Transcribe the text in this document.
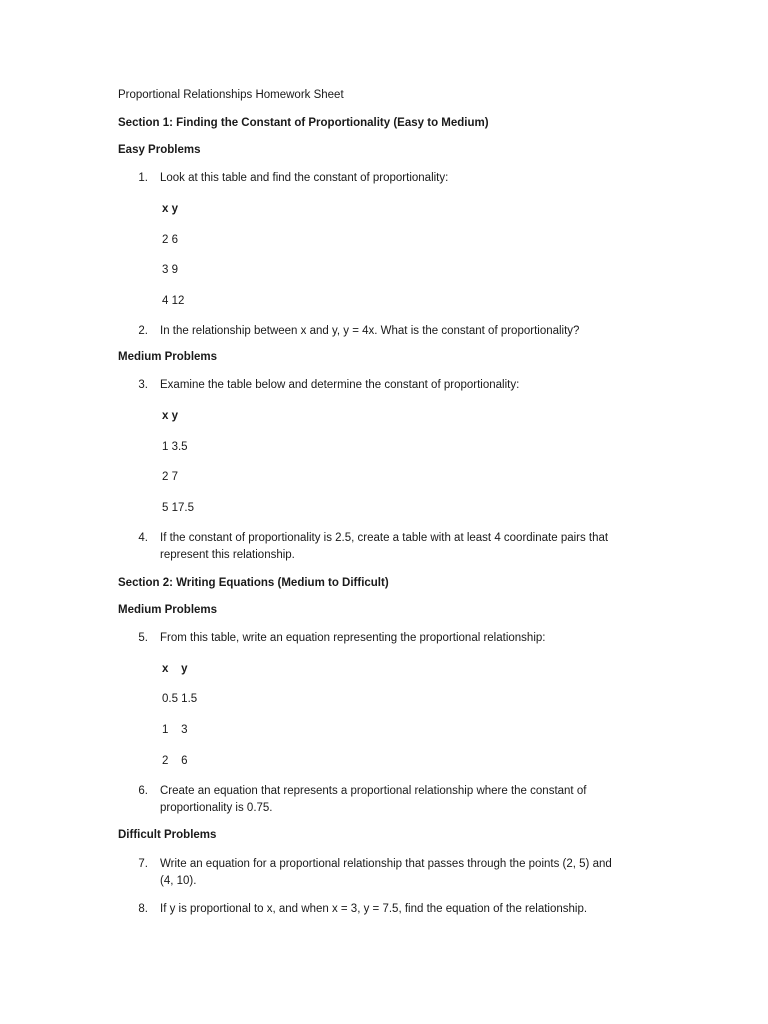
Proportional Relationships Homework Sheet
Section 1: Finding the Constant of Proportionality (Easy to Medium)
Easy Problems
1. Look at this table and find the constant of proportionality:
x y
2 6
3 9
4 12
2. In the relationship between x and y, y = 4x. What is the constant of proportionality?
Medium Problems
3. Examine the table below and determine the constant of proportionality:
x y
1 3.5
2 7
5 17.5
4. If the constant of proportionality is 2.5, create a table with at least 4 coordinate pairs that
represent this relationship.
Section 2: Writing Equations (Medium to Difficult)
Medium Problems
5. From this table, write an equation representing the proportional relationship:
x    y
0.5 1.5
1    3
2    6
6. Create an equation that represents a proportional relationship where the constant of
proportionality is 0.75.
Difficult Problems
7. Write an equation for a proportional relationship that passes through the points (2, 5) and
(4, 10).
8. If y is proportional to x, and when x = 3, y = 7.5, find the equation of the relationship.
